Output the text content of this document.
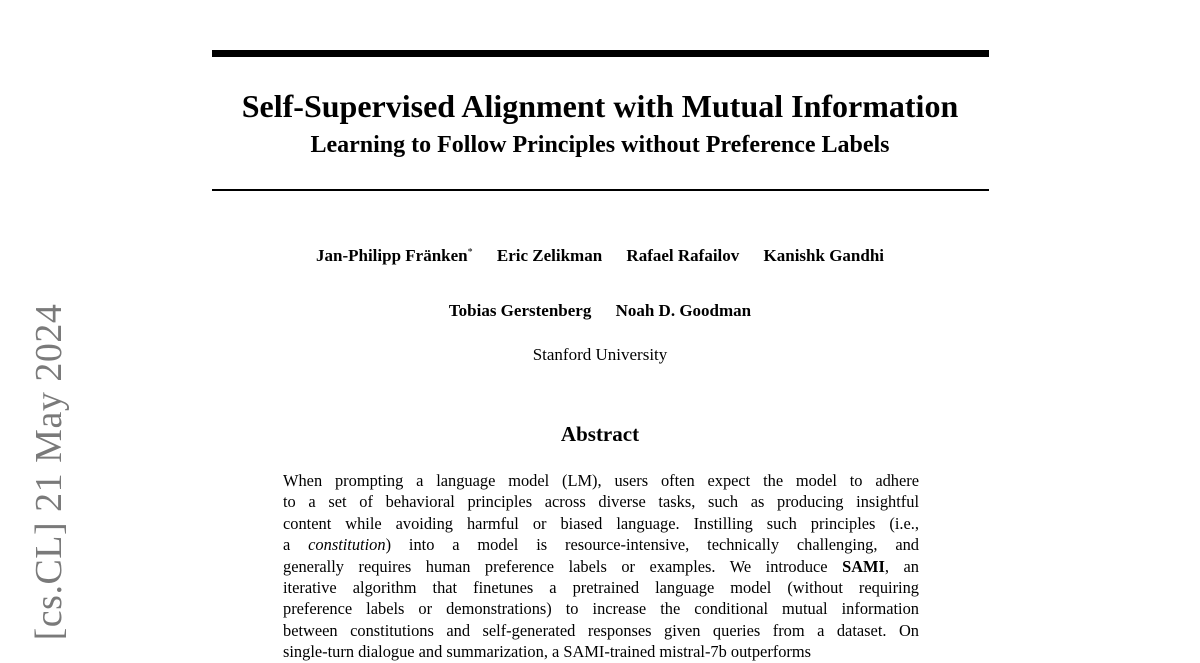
[cs.CL] 21 May 2024
Self-Supervised Alignment with Mutual Information
Learning to Follow Principles without Preference Labels
Jan-Philipp Fränken* Eric Zelikman Rafael Rafailov Kanishk Gandhi
Tobias Gerstenberg Noah D. Goodman
Stanford University
Abstract
When prompting a language model (LM), users often expect the model to adhere
to a set of behavioral principles across diverse tasks, such as producing insightful
content while avoiding harmful or biased language. Instilling such principles (i.e.,
a constitution) into a model is resource-intensive, technically challenging, and
generally requires human preference labels or examples. We introduce SAMI, an
iterative algorithm that finetunes a pretrained language model (without requiring
preference labels or demonstrations) to increase the conditional mutual information
between constitutions and self-generated responses given queries from a dataset. On
single-turn dialogue and summarization, a SAMI-trained mistral-7b outperforms
